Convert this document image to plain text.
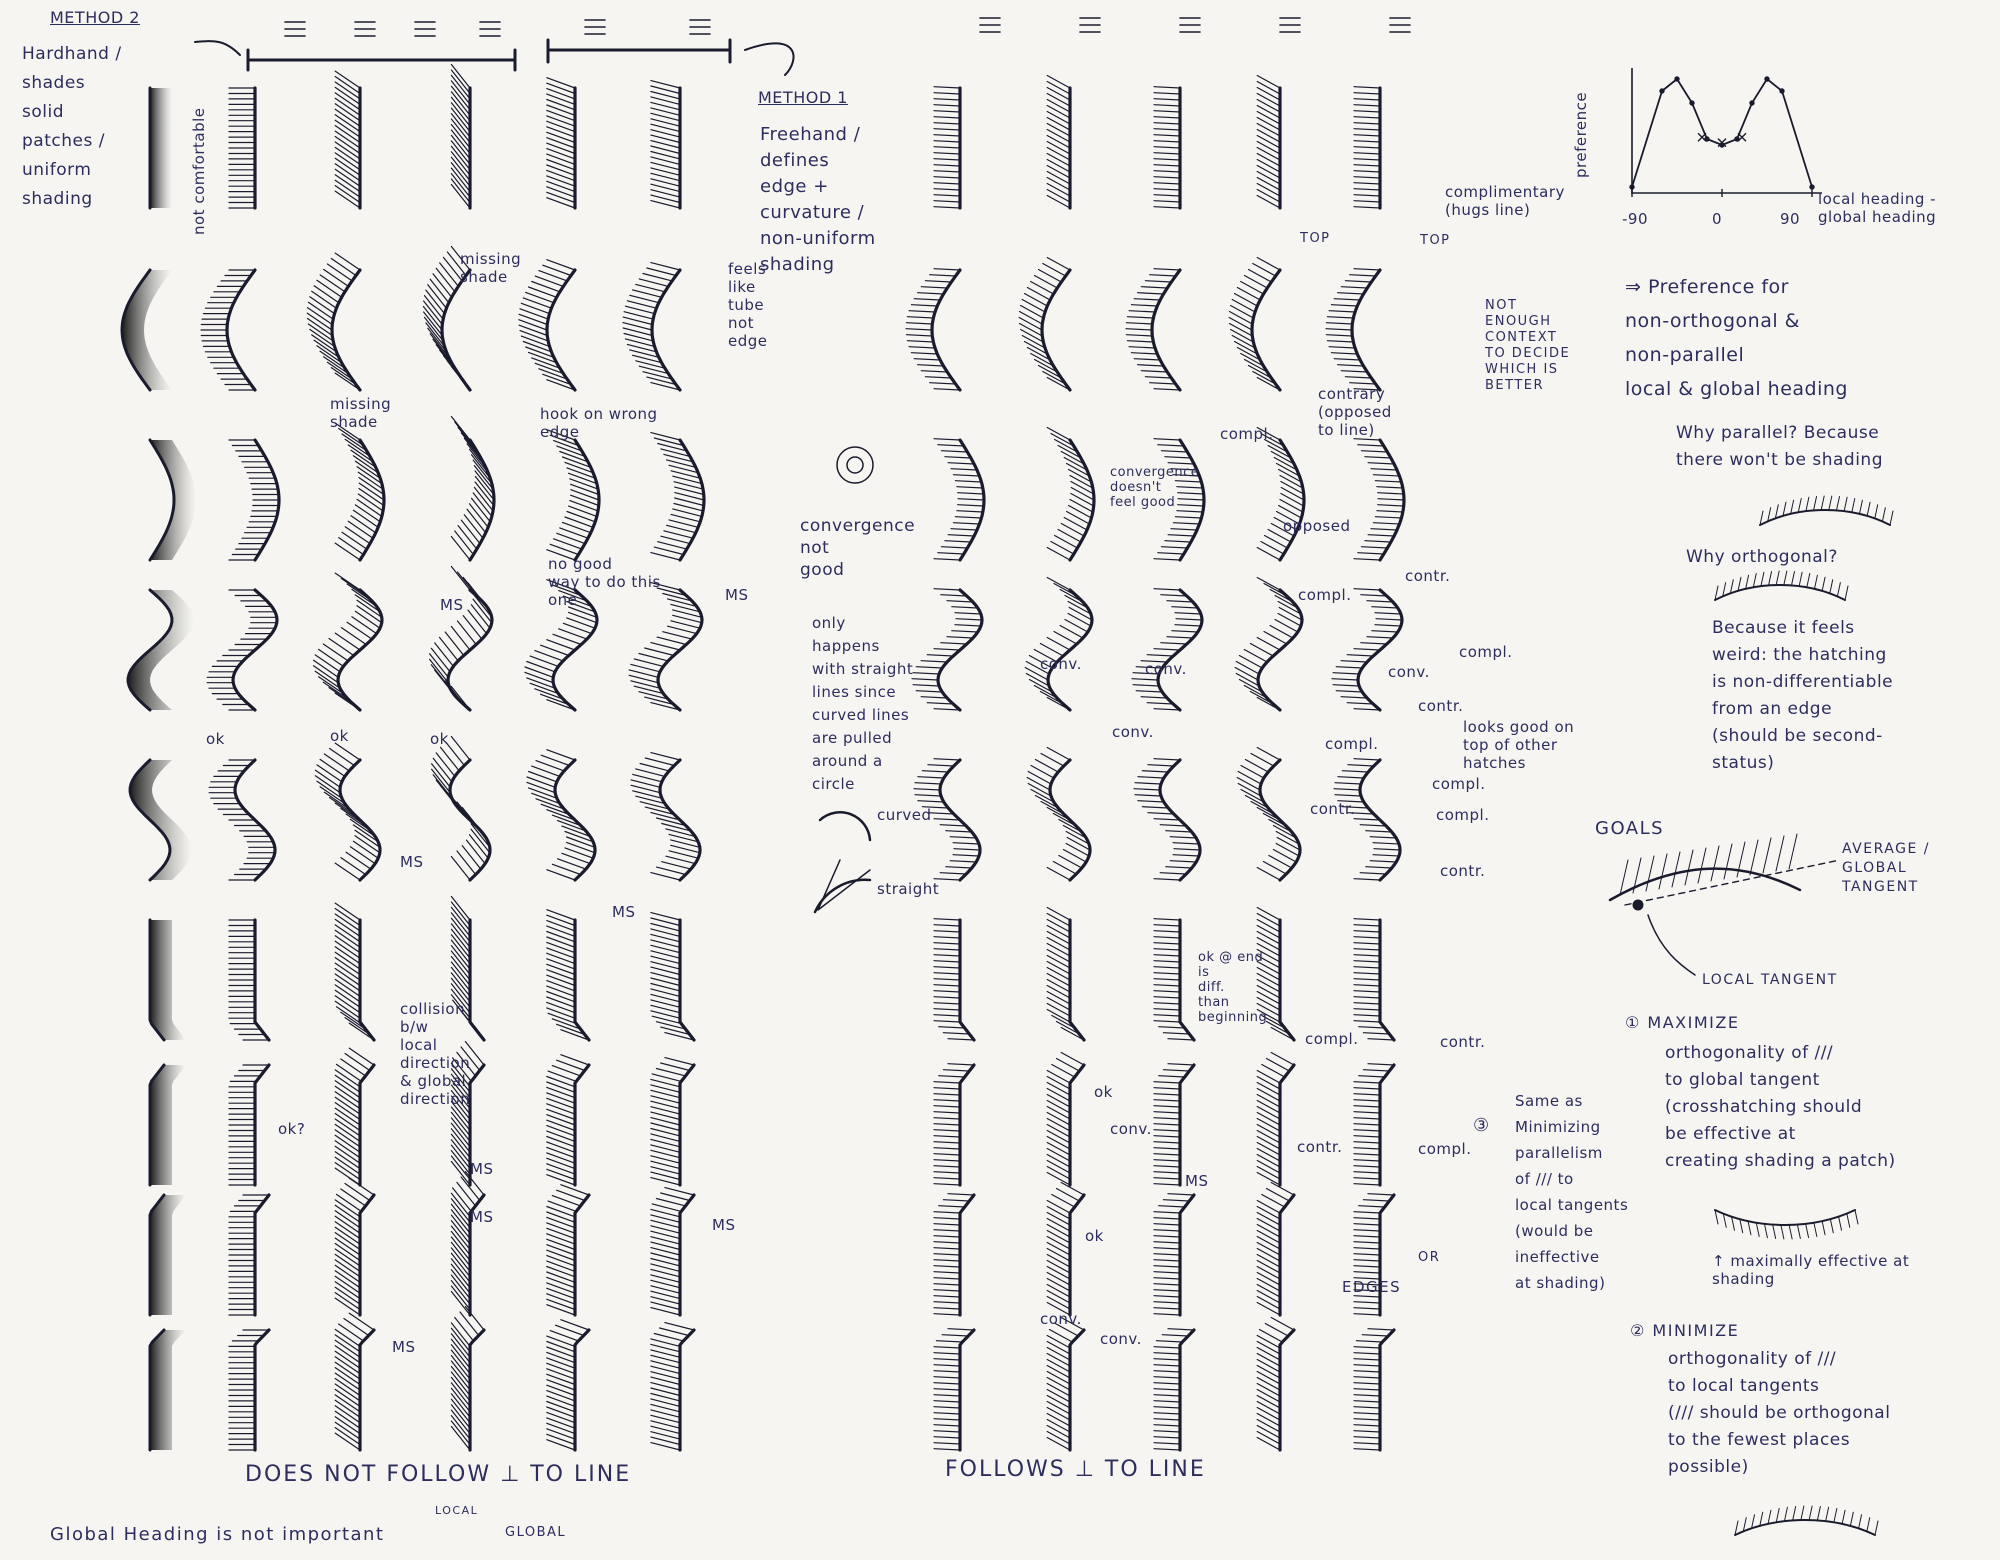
METHOD 2
Hardhand /
shades
solid
patches /
uniform
shading	not comfortable
METHOD 1
Freehand /
defines
edge +
curvature /
non-uniform
shading
missing
shade
missing
shade
feels
like
tube
not
edge
hook on wrong
edge
no good
way to do this
one
collision
b/w
local
direction
& global
direction
convergence
not
good
only
happens
with straight
lines since
curved lines
are pulled
around a
circle
curved
straight
complimentary
(hugs line)
contrary
(opposed
to line)
opposed
NOT
ENOUGH
CONTEXT
TO DECIDE
WHICH IS
BETTER
TOP	TOP
convergence
doesn't
feel good
looks good on
top of other
hatches
ok @ end
is
diff.
than
beginning
EDGES
OR
MS
MS
MS
MS
MS
MS	MS
MS
MS
ok	ok	ok
ok
ok
ok?
contr.
contr.
contr.
contr.
contr.
contr.
compl.
compl.
compl.
compl.
compl.
compl.
compl.
compl.
conv.
conv.
conv.
conv.
conv.
conv.	conv.
DOES NOT FOLLOW ⊥ TO LINE	FOLLOWS ⊥ TO LINE
Global Heading is not important
LOCAL
GLOBAL
preference
local heading -
global heading
-90	0	90
⇒ Preference for
non-orthogonal &
non-parallel
local & global heading
Why parallel? Because
there won't be shading
Why orthogonal?
Because it feels
weird: the hatching
is non-differentiable
from an edge
(should be second-
status)
GOALS
AVERAGE /
GLOBAL
TANGENT
LOCAL TANGENT
① MAXIMIZE
orthogonality of ///
to global tangent
(crosshatching should
be effective at
creating shading a patch)
↑ maximally effective at
shading
Same as
Minimizing
parallelism
of /// to
local tangents
(would be
ineffective
at shading)
③
② MINIMIZE
orthogonality of ///
to local tangents
(/// should be orthogonal
to the fewest places
possible)
